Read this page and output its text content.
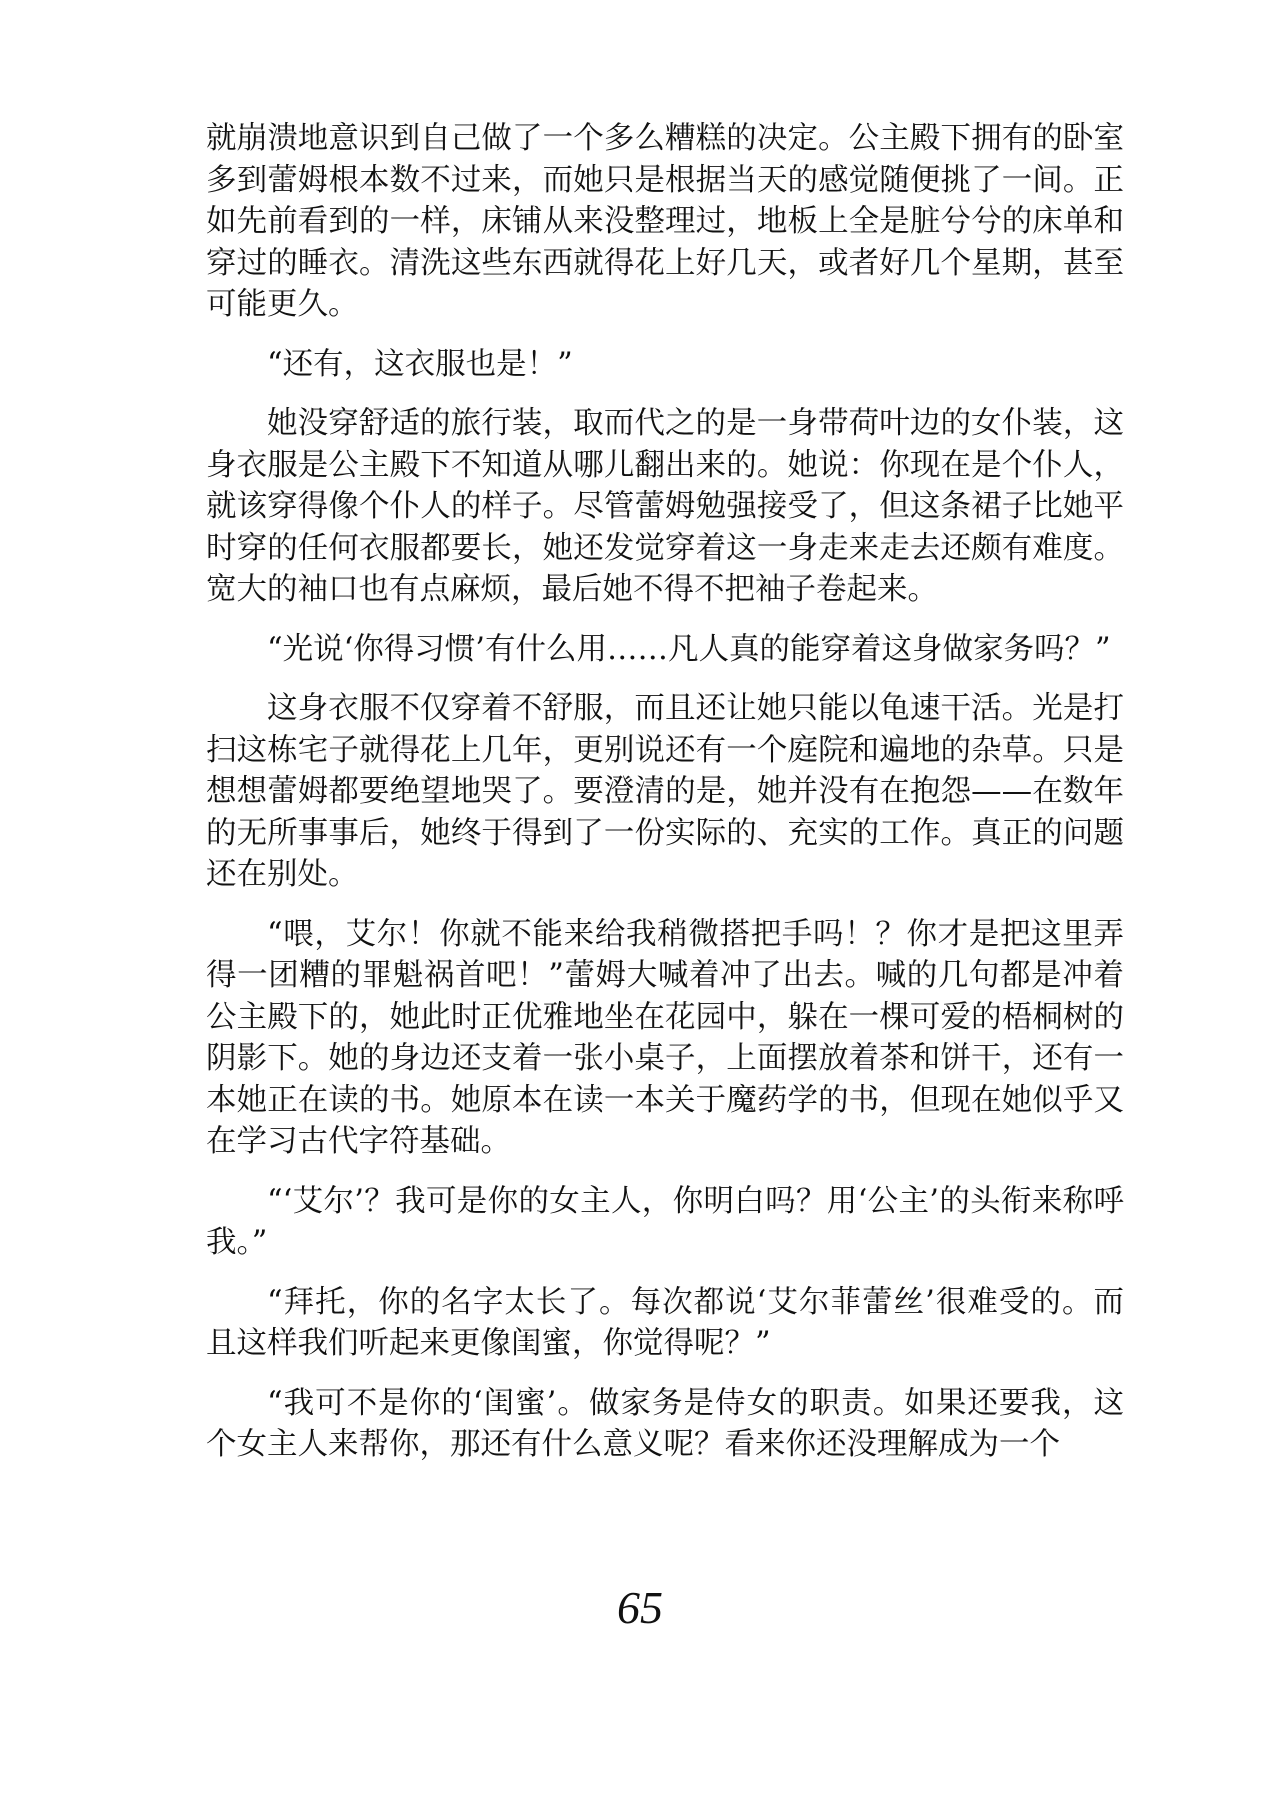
就崩溃地意识到自己做了一个多么糟糕的决定。公主殿下拥有的卧室多到蕾姆根本数不过来，而她只是根据当天的感觉随便挑了一间。正如先前看到的一样，床铺从来没整理过，地板上全是脏兮兮的床单和穿过的睡衣。清洗这些东西就得花上好几天，或者好几个星期，甚至可能更久。

“还有，这衣服也是！”

她没穿舒适的旅行装，取而代之的是一身带荷叶边的女仆装，这身衣服是公主殿下不知道从哪儿翻出来的。她说：你现在是个仆人，就该穿得像个仆人的样子。尽管蕾姆勉强接受了，但这条裙子比她平时穿的任何衣服都要长，她还发觉穿着这一身走来走去还颇有难度。宽大的袖口也有点麻烦，最后她不得不把袖子卷起来。

“光说‘你得习惯’有什么用……凡人真的能穿着这身做家务吗？”

这身衣服不仅穿着不舒服，而且还让她只能以龟速干活。光是打扫这栋宅子就得花上几年，更别说还有一个庭院和遍地的杂草。只是想想蕾姆都要绝望地哭了。要澄清的是，她并没有在抱怨——在数年的无所事事后，她终于得到了一份实际的、充实的工作。真正的问题还在别处。

“喂，艾尔！你就不能来给我稍微搭把手吗！？你才是把这里弄得一团糟的罪魁祸首吧！”蕾姆大喊着冲了出去。喊的几句都是冲着公主殿下的，她此时正优雅地坐在花园中，躲在一棵可爱的梧桐树的阴影下。她的身边还支着一张小桌子，上面摆放着茶和饼干，还有一本她正在读的书。她原本在读一本关于魔药学的书，但现在她似乎又在学习古代字符基础。

“‘艾尔’？我可是你的女主人，你明白吗？用‘公主’的头衔来称呼我。”

“拜托，你的名字太长了。每次都说‘艾尔菲蕾丝’很难受的。而且这样我们听起来更像闺蜜，你觉得呢？”

“我可不是你的‘闺蜜’。做家务是侍女的职责。如果还要我，这个女主人来帮你，那还有什么意义呢？看来你还没理解成为一个

65
